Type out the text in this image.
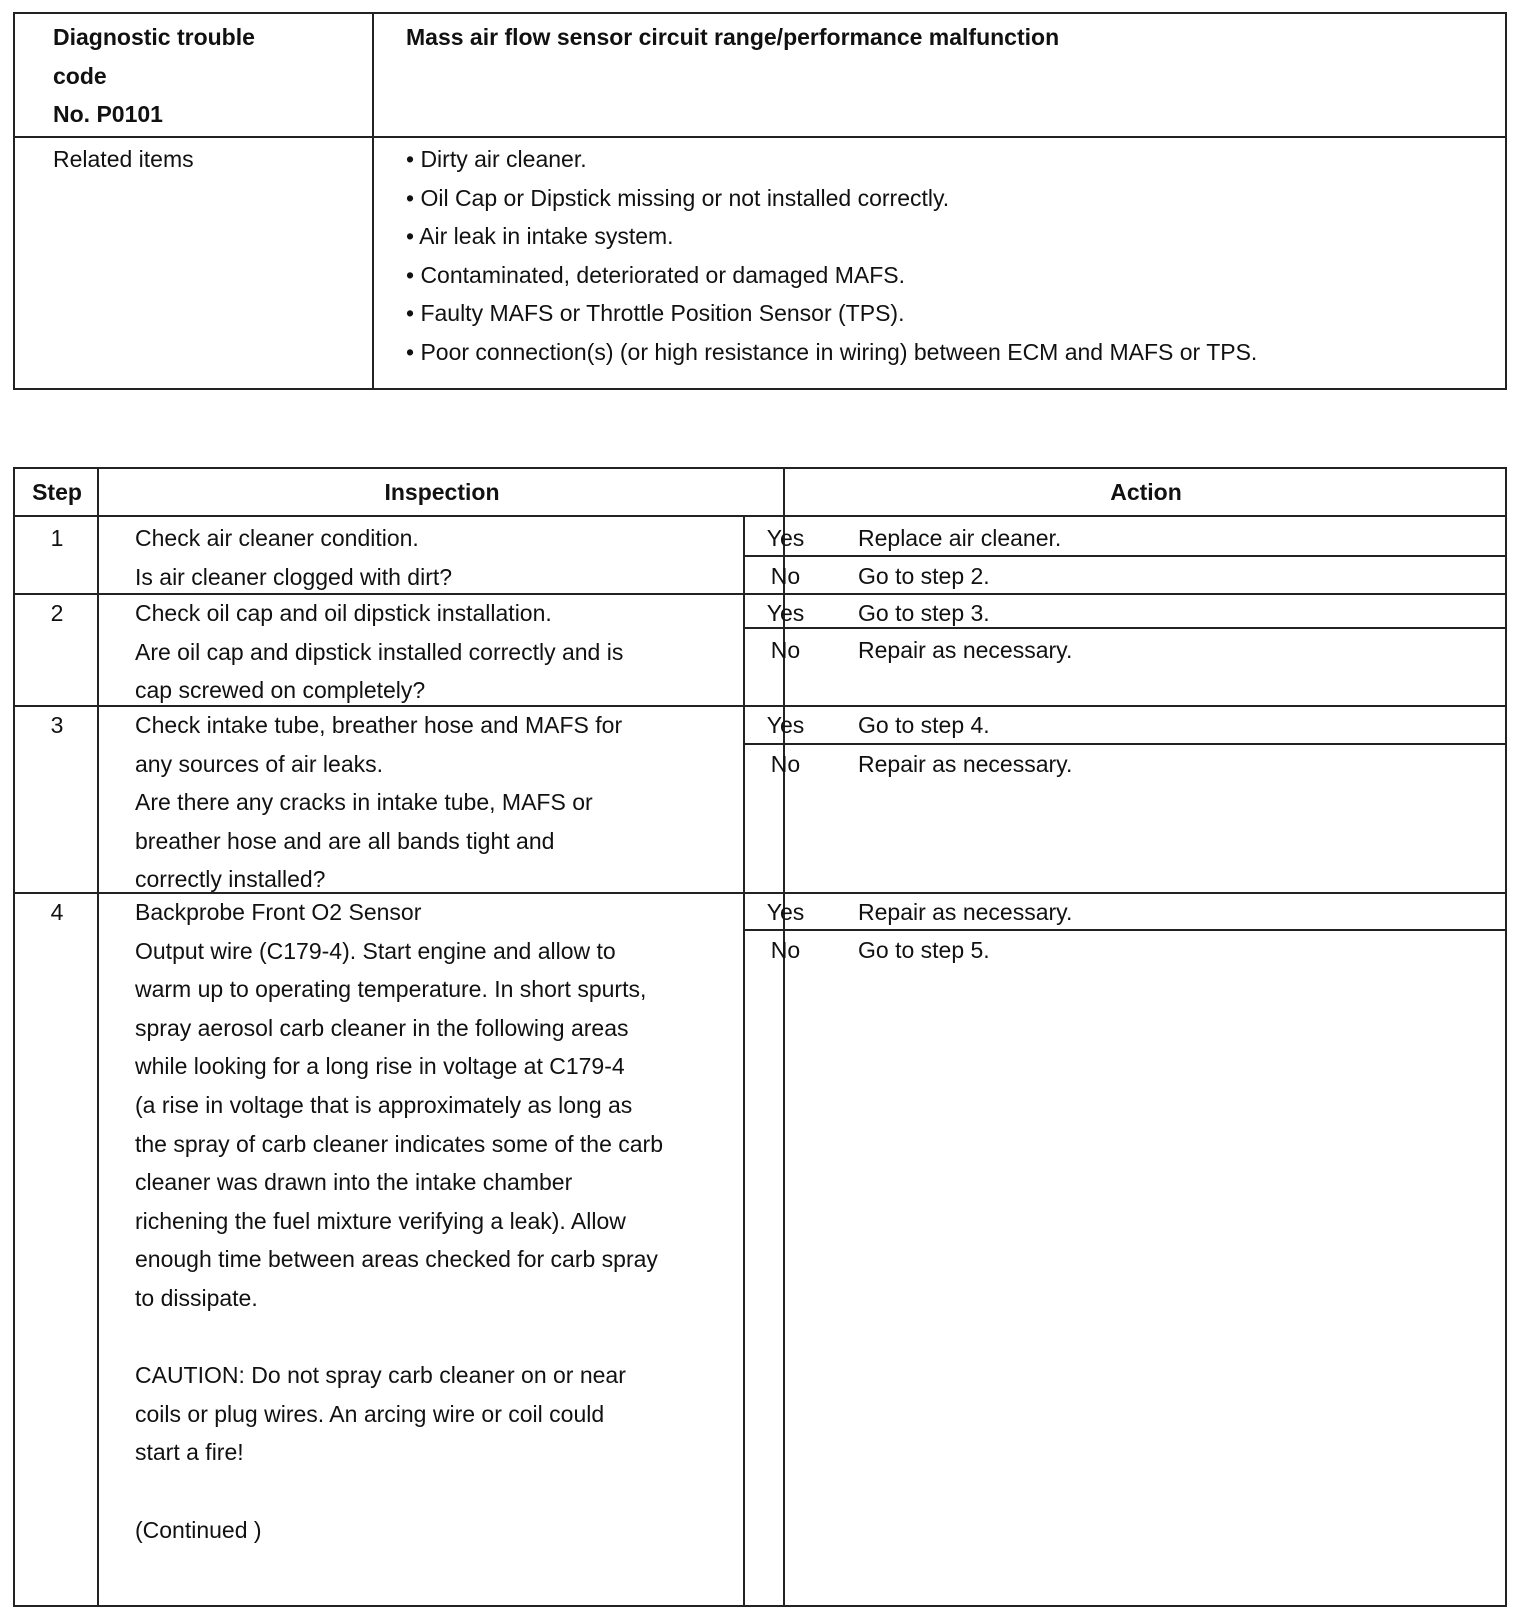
Diagnostic trouble
code
No. P0101
Mass air flow sensor circuit range/performance malfunction
Related items	• Dirty air cleaner.
• Oil Cap or Dipstick missing or not installed correctly.
• Air leak in intake system.
• Contaminated, deteriorated or damaged MAFS.
• Faulty MAFS or Throttle Position Sensor (TPS).
• Poor connection(s) (or high resistance in wiring) between ECM and MAFS or TPS.
Step	Inspection	Action
1	Check air cleaner condition.
Is air cleaner clogged with dirt?
Yes	Replace air cleaner.
No	Go to step 2.
2	Check oil cap and oil dipstick installation.
Are oil cap and dipstick installed correctly and is
cap screwed on completely?
Yes	Go to step 3.
No	Repair as necessary.
3	Check intake tube, breather hose and MAFS for
any sources of air leaks.
Are there any cracks in intake tube, MAFS or
breather hose and are all bands tight and
correctly installed?
Yes	Go to step 4.
No	Repair as necessary.
4	Backprobe Front O2 Sensor
Output wire (C179-4). Start engine and allow to
warm up to operating temperature. In short spurts,
spray aerosol carb cleaner in the following areas
while looking for a long rise in voltage at C179-4
(a rise in voltage that is approximately as long as
the spray of carb cleaner indicates some of the carb
cleaner was drawn into the intake chamber
richening the fuel mixture verifying a leak). Allow
enough time between areas checked for carb spray
to dissipate.
CAUTION: Do not spray carb cleaner on or near
coils or plug wires. An arcing wire or coil could
start a fire!
(Continued )
Yes	Repair as necessary.
No	Go to step 5.
